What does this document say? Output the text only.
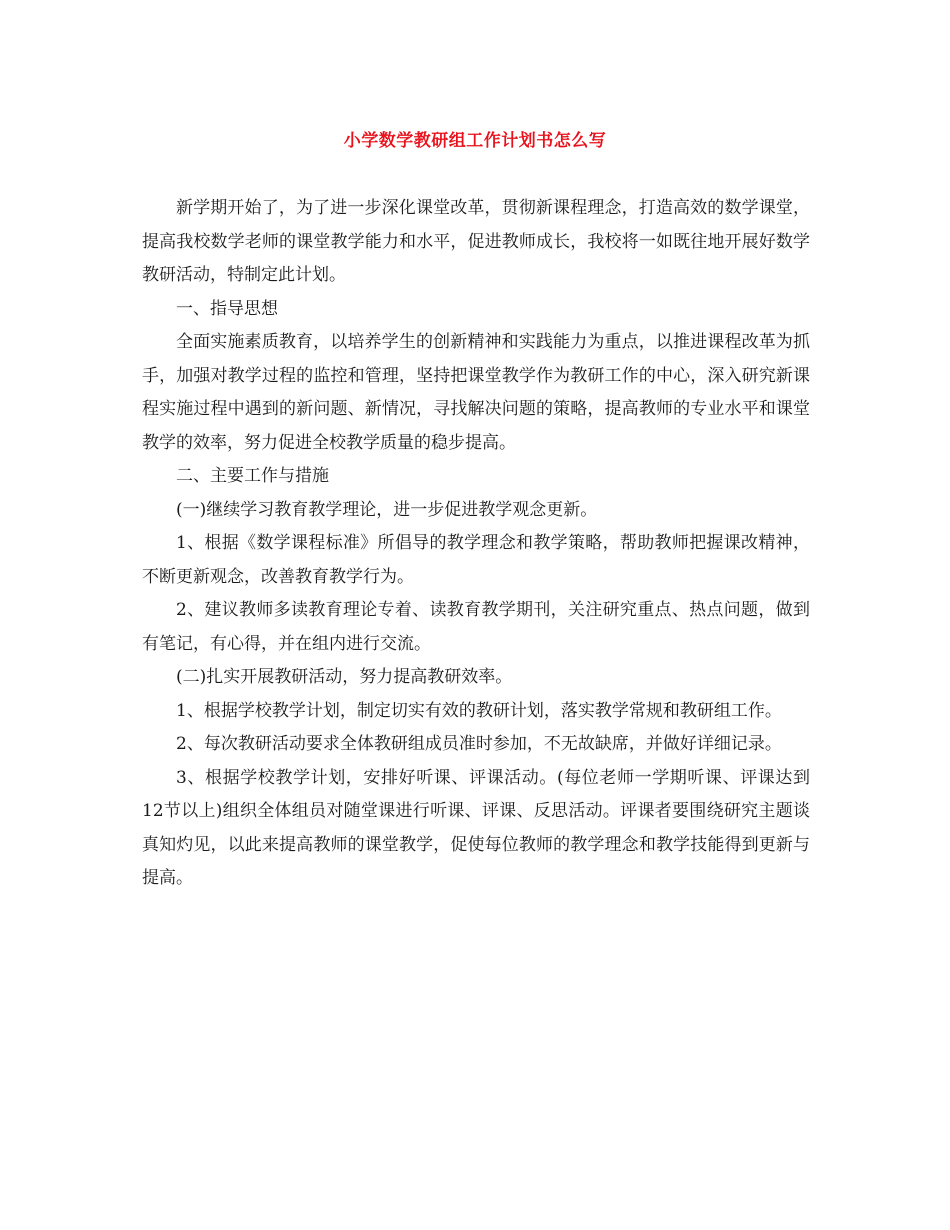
小学数学教研组工作计划书怎么写

新学期开始了，为了进一步深化课堂改革，贯彻新课程理念，打造高效的数学课堂，提高我校数学老师的课堂教学能力和水平，促进教师成长，我校将一如既往地开展好数学教研活动，特制定此计划。

一、指导思想

全面实施素质教育，以培养学生的创新精神和实践能力为重点，以推进课程改革为抓手，加强对教学过程的监控和管理，坚持把课堂教学作为教研工作的中心，深入研究新课程实施过程中遇到的新问题、新情况，寻找解决问题的策略，提高教师的专业水平和课堂教学的效率，努力促进全校教学质量的稳步提高。

二、主要工作与措施

(一)继续学习教育教学理论，进一步促进教学观念更新。

1、根据《数学课程标准》所倡导的教学理念和教学策略，帮助教师把握课改精神，不断更新观念，改善教育教学行为。

2、建议教师多读教育理论专着、读教育教学期刊，关注研究重点、热点问题，做到有笔记，有心得，并在组内进行交流。

(二)扎实开展教研活动，努力提高教研效率。

1、根据学校教学计划，制定切实有效的教研计划，落实教学常规和教研组工作。

2、每次教研活动要求全体教研组成员准时参加，不无故缺席，并做好详细记录。

3、根据学校教学计划，安排好听课、评课活动。(每位老师一学期听课、评课达到12节以上)组织全体组员对随堂课进行听课、评课、反思活动。评课者要围绕研究主题谈真知灼见，以此来提高教师的课堂教学，促使每位教师的教学理念和教学技能得到更新与提高。
